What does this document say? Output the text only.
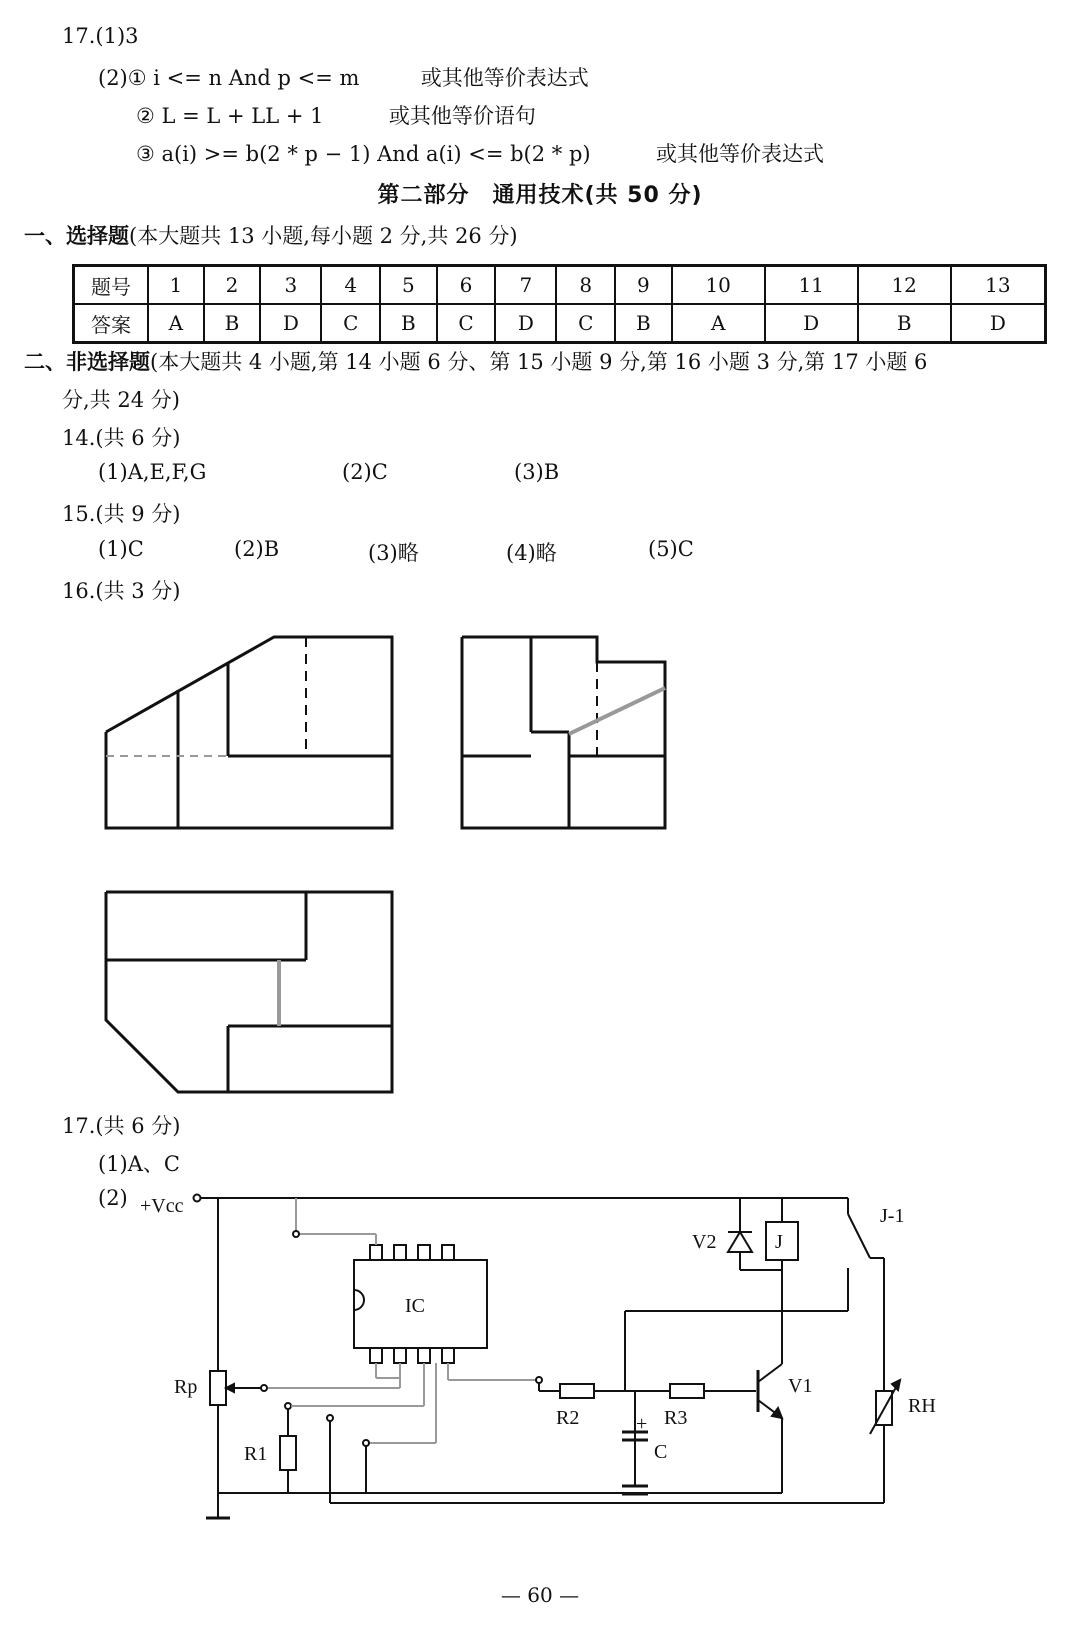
17.(1)3
(2)① i <= n And p <= m	或其他等价表达式
② L = L + LL + 1	或其他等价语句
③ a(i) >= b(2 * p − 1) And a(i) <= b(2 * p)	或其他等价表达式
第二部分　通用技术(共 50 分)
一、选择题(本大题共 13 小题,每小题 2 分,共 26 分)
题号	1	2	3	4	5	6	7	8	9	10	11	12	13
答案	A	B	D	C	B	C	D	C	B	A	D	B	D
二、非选择题(本大题共 4 小题,第 14 小题 6 分、第 15 小题 9 分,第 16 小题 3 分,第 17 小题 6
分,共 24 分)
14.(共 6 分)
(1)A,E,F,G	(2)C	(3)B
15.(共 9 分)
(1)C	(2)B	(3)略	(4)略	(5)C
16.(共 3 分)
+Vcc
IC
Rp
R1
R2	R3
C
+
V1
V2	J
J-1
RH
17.(共 6 分)
(1)A、C
(2)
— 60 —
